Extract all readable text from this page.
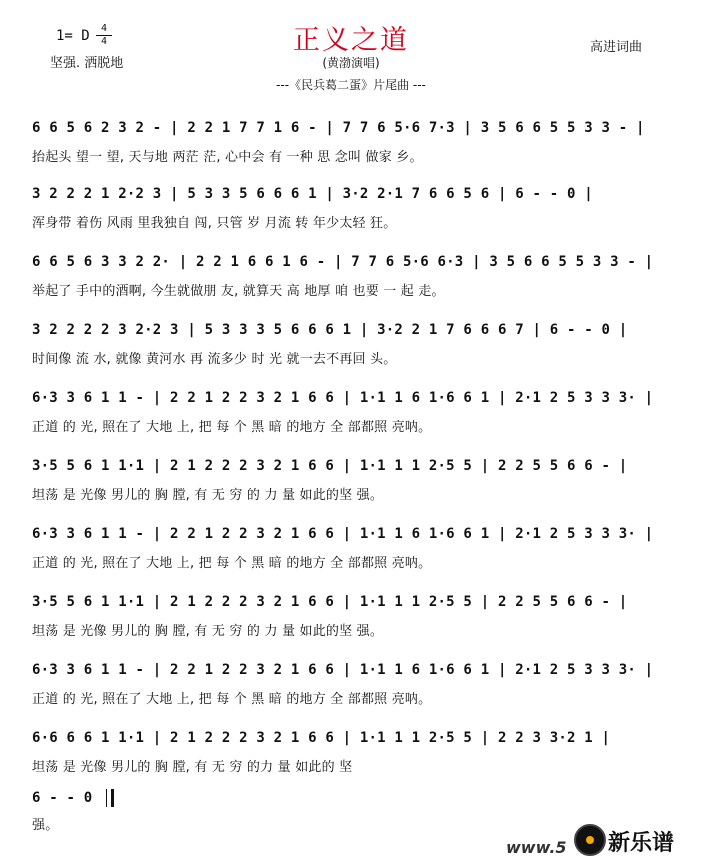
1= D	4
4
坚强. 洒脱地
正义之道
(黄渤演唱)
---《民兵葛二蛋》片尾曲 ---
高进词曲
6 6 5 6 2 3 2 - | 2 2 1 7 7 1 6 - | 7 7 6 5·6 7·3 | 3 5 6 6 5 5 3 3 - |
抬起头 望一 望, 天与地 两茫 茫, 心中会 有 一种 思 念叫 做家 乡。
3 2 2 2 1 2·2 3 | 5 3 3 5 6 6 6 1 | 3·2 2·1 7 6 6 5 6 | 6 - - 0 |
浑身带 着伤 风雨 里我独自 闯, 只管 岁 月流 转 年少太轻 狂。
6 6 5 6 3 3 2 2· | 2 2 1 6 6 1 6 - | 7 7 6 5·6 6·3 | 3 5 6 6 5 5 3 3 - |
举起了 手中的酒啊, 今生就做朋 友, 就算天 高 地厚 咱 也要 一 起 走。
3 2 2 2 2 3 2·2 3 | 5 3 3 3 5 6 6 6 1 | 3·2 2 1 7 6 6 6 7 | 6 - - 0 |
时间像 流 水, 就像 黄河水 再 流多少 时 光 就一去不再回 头。
6·3 3 6 1 1 - | 2 2 1 2 2 3 2 1 6 6 | 1·1 1 6 1·6 6 1 | 2·1 2 5 3 3 3· |
正道 的 光, 照在了 大地 上, 把 每 个 黑 暗 的地方 全 部都照 亮呐。
3·5 5 6 1 1·1 | 2 1 2 2 2 3 2 1 6 6 | 1·1 1 1 2·5 5 | 2 2 5 5 6 6 - |
坦荡 是 光像 男儿的 胸 膛, 有 无 穷 的 力 量 如此的坚 强。
6·3 3 6 1 1 - | 2 2 1 2 2 3 2 1 6 6 | 1·1 1 6 1·6 6 1 | 2·1 2 5 3 3 3· |
正道 的 光, 照在了 大地 上, 把 每 个 黑 暗 的地方 全 部都照 亮呐。
3·5 5 6 1 1·1 | 2 1 2 2 2 3 2 1 6 6 | 1·1 1 1 2·5 5 | 2 2 5 5 6 6 - |
坦荡 是 光像 男儿的 胸 膛, 有 无 穷 的 力 量 如此的坚 强。
6·3 3 6 1 1 - | 2 2 1 2 2 3 2 1 6 6 | 1·1 1 6 1·6 6 1 | 2·1 2 5 3 3 3· |
正道 的 光, 照在了 大地 上, 把 每 个 黑 暗 的地方 全 部都照 亮呐。
6·6 6 6 1 1·1 | 2 1 2 2 2 3 2 1 6 6 | 1·1 1 1 2·5 5 | 2 2 3 3·2 1 |
坦荡 是 光像 男儿的 胸 膛, 有 无 穷 的力 量 如此的 坚
6 - - 0
强。
www.5 新乐谱
